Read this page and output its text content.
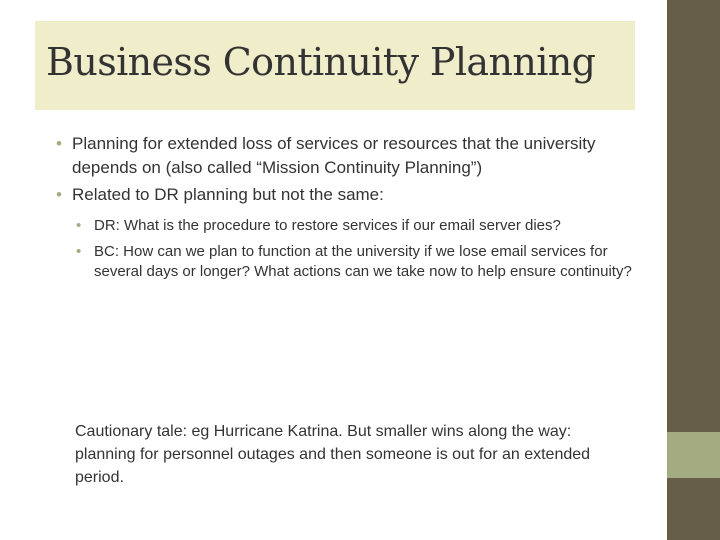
Business Continuity Planning
• Planning for extended loss of services or resources that the university depends on (also called “Mission Continuity Planning”)
• Related to DR planning but not the same:
• DR: What is the procedure to restore services if our email server dies?
• BC: How can we plan to function at the university if we lose email services for several days or longer? What actions can we take now to help ensure continuity?

Cautionary tale: eg Hurricane Katrina. But smaller wins along the way: planning for personnel outages and then someone is out for an extended period.
